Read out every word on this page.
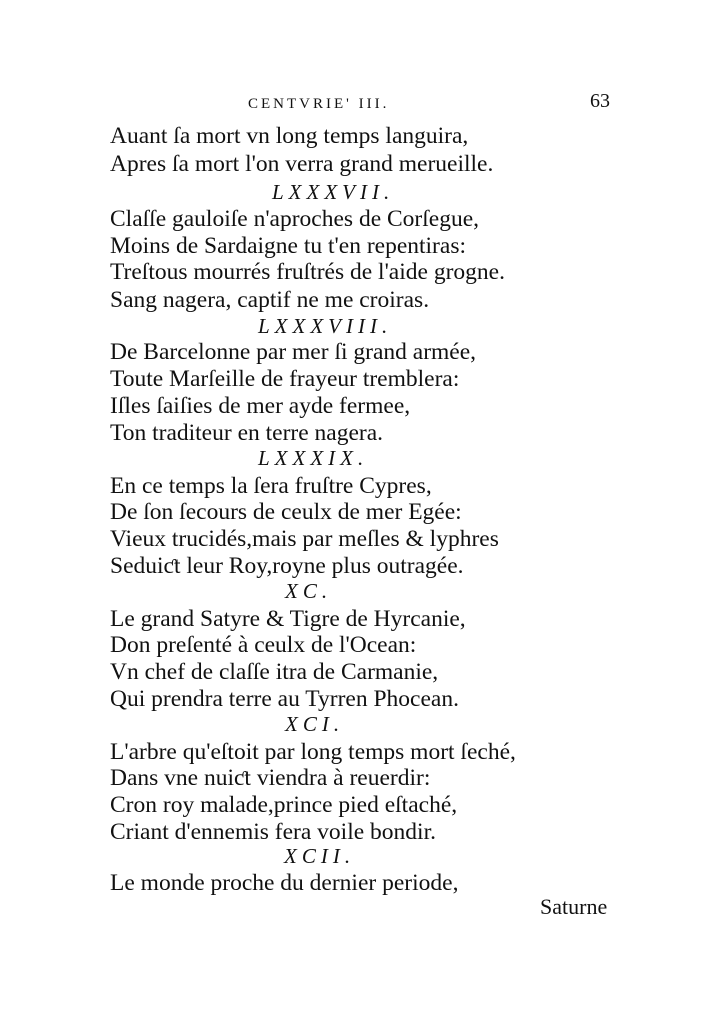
CENTVRIE' III.	63
Auant ſa mort vn long temps languira,
Apres ſa mort l'on verra grand merueille.
LXXXVII.
Claſſe gauloiſe n'aproches de Corſegue,
Moins de Sardaigne tu t'en repentiras:
Treſtous mourrés fruſtrés de l'aide grogne.
Sang nagera, captif ne me croiras.
LXXXVIII.
De Barcelonne par mer ſi grand armée,
Toute Marſeille de frayeur tremblera:
Iſles ſaiſies de mer ayde fermee,
Ton traditeur en terre nagera.
LXXXIX.
En ce temps la ſera fruſtre Cypres,
De ſon ſecours de ceulx de mer Egée:
Vieux trucidés,mais par meſles & lyphres
Seduiƈt leur Roy,royne plus outragée.
XC.
Le grand Satyre & Tigre de Hyrcanie,
Don preſenté à ceulx de l'Ocean:
Vn chef de claſſe itra de Carmanie,
Qui prendra terre au Tyrren Phocean.
XCI.
L'arbre qu'eſtoit par long temps mort ſeché,
Dans vne nuiƈt viendra à reuerdir:
Cron roy malade,prince pied eſtaché,
Criant d'ennemis fera voile bondir.
XCII.
Le monde proche du dernier periode,
Saturne
